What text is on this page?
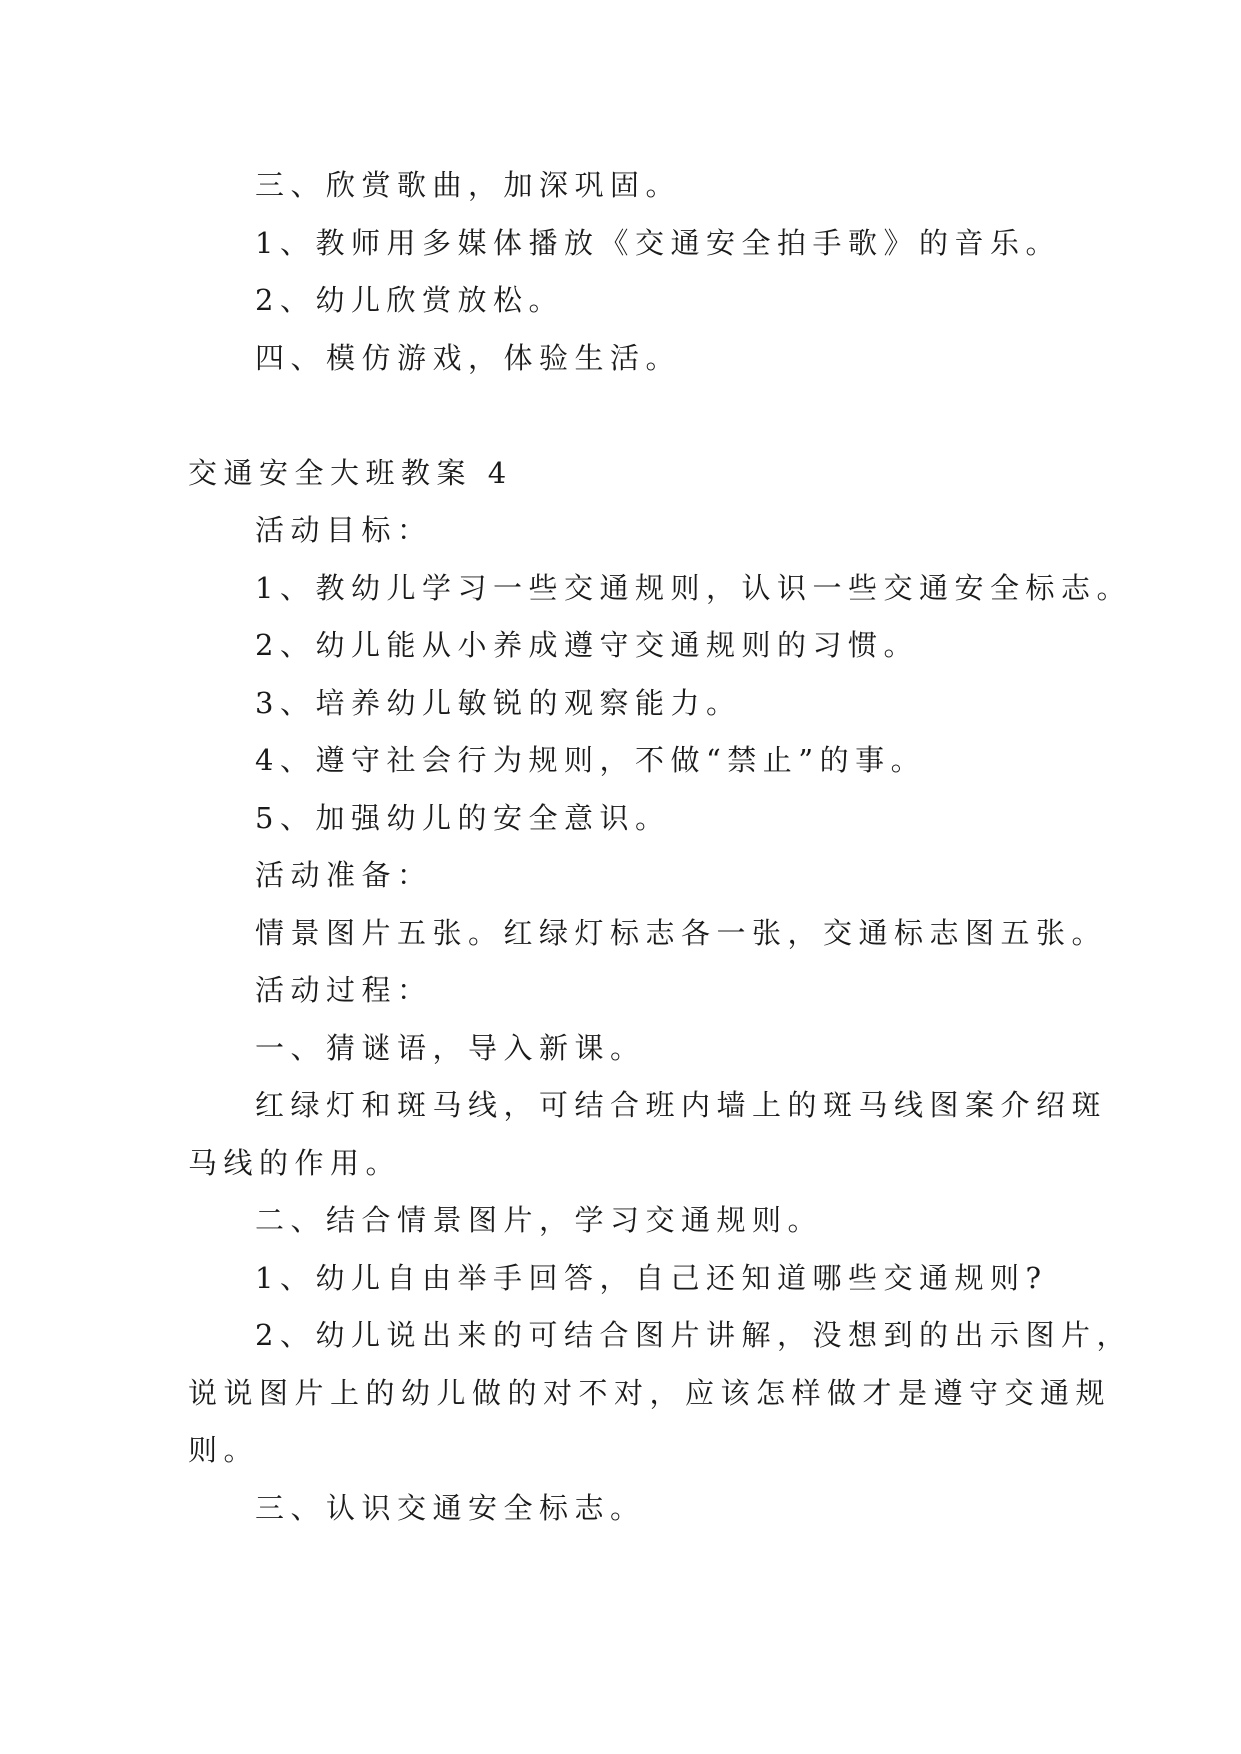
三、欣赏歌曲，加深巩固。
1、教师用多媒体播放《交通安全拍手歌》的音乐。
2、幼儿欣赏放松。
四、模仿游戏，体验生活。
交通安全大班教案 4
活动目标：
1、教幼儿学习一些交通规则，认识一些交通安全标志。
2、幼儿能从小养成遵守交通规则的习惯。
3、培养幼儿敏锐的观察能力。
4、遵守社会行为规则，不做“禁止”的事。
5、加强幼儿的安全意识。
活动准备：
情景图片五张。红绿灯标志各一张，交通标志图五张。
活动过程：
一、猜谜语，导入新课。
红绿灯和斑马线，可结合班内墙上的斑马线图案介绍斑
马线的作用。
二、结合情景图片，学习交通规则。
1、幼儿自由举手回答，自己还知道哪些交通规则?
2、幼儿说出来的可结合图片讲解，没想到的出示图片，
说说图片上的幼儿做的对不对，应该怎样做才是遵守交通规
则。
三、认识交通安全标志。
